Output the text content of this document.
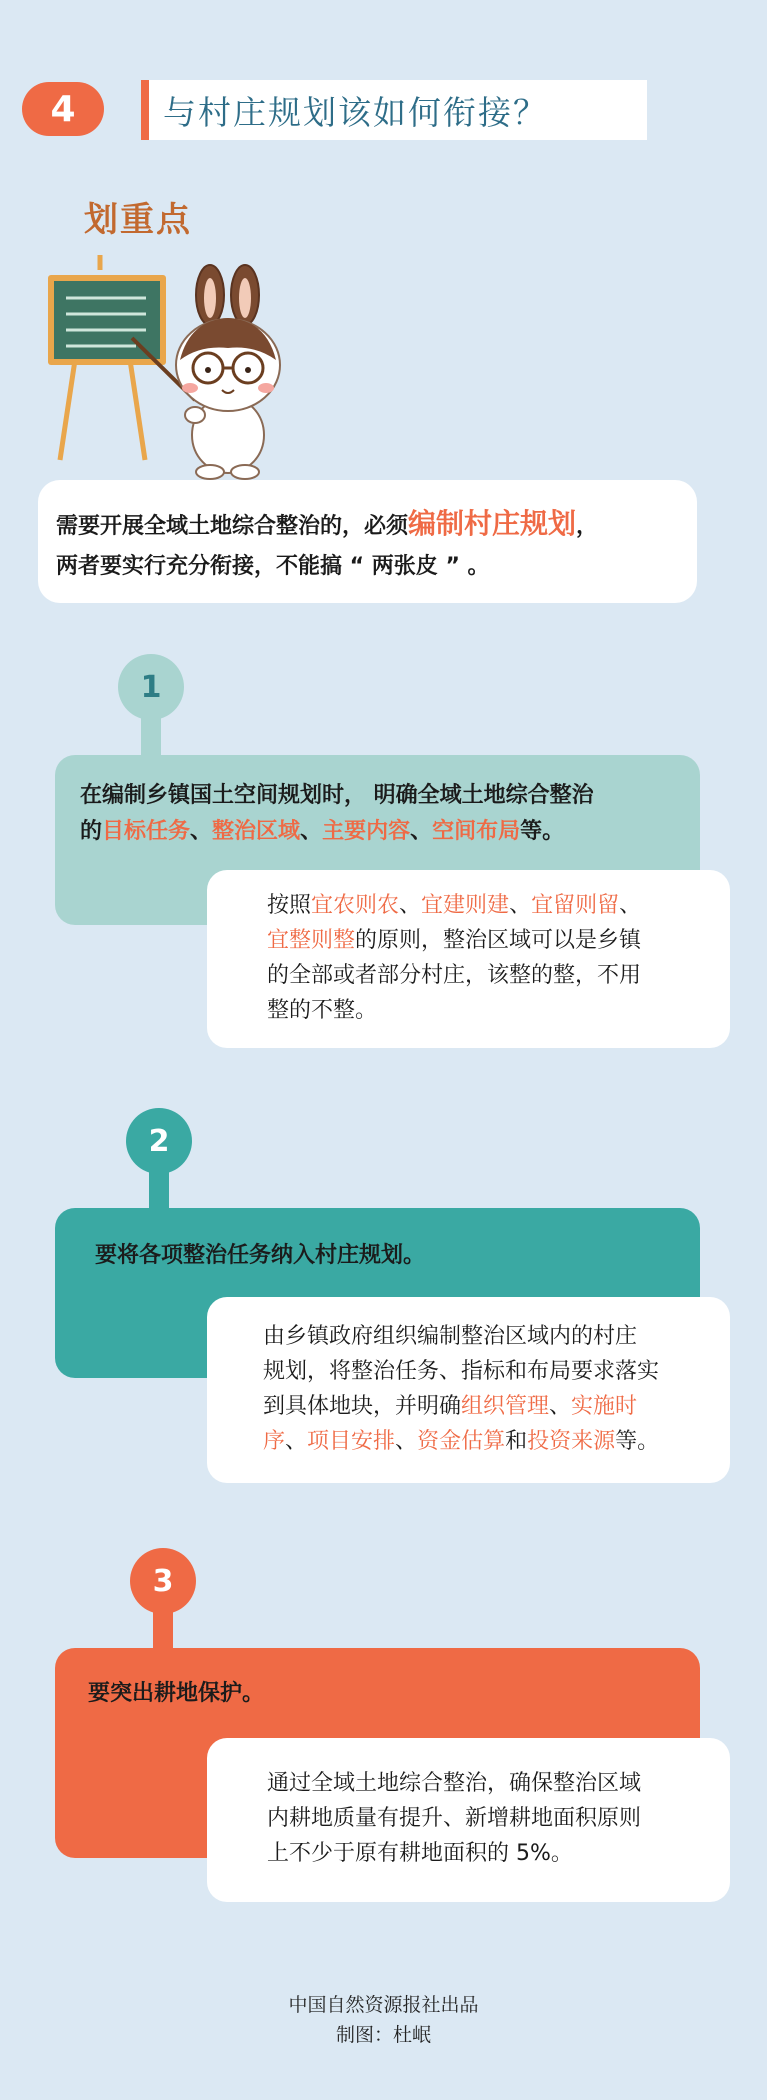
4	与村庄规划该如何衔接？
划重点
需要开展全域土地综合整治的，必须编制村庄规划，
两者要实行充分衔接，不能搞 “ 两张皮 ” 。
1
在编制乡镇国土空间规划时， 明确全域土地综合整治
的目标任务、整治区域、主要内容、空间布局等。
按照宜农则农、宜建则建、宜留则留、
宜整则整的原则，整治区域可以是乡镇
的全部或者部分村庄，该整的整，不用
整的不整。
2
要将各项整治任务纳入村庄规划。
由乡镇政府组织编制整治区域内的村庄
规划，将整治任务、指标和布局要求落实
到具体地块，并明确组织管理、实施时
序、项目安排、资金估算和投资来源等。
3
要突出耕地保护。
通过全域土地综合整治，确保整治区域
内耕地质量有提升、新增耕地面积原则
上不少于原有耕地面积的 5%。
中国自然资源报社出品
制图：杜岷
